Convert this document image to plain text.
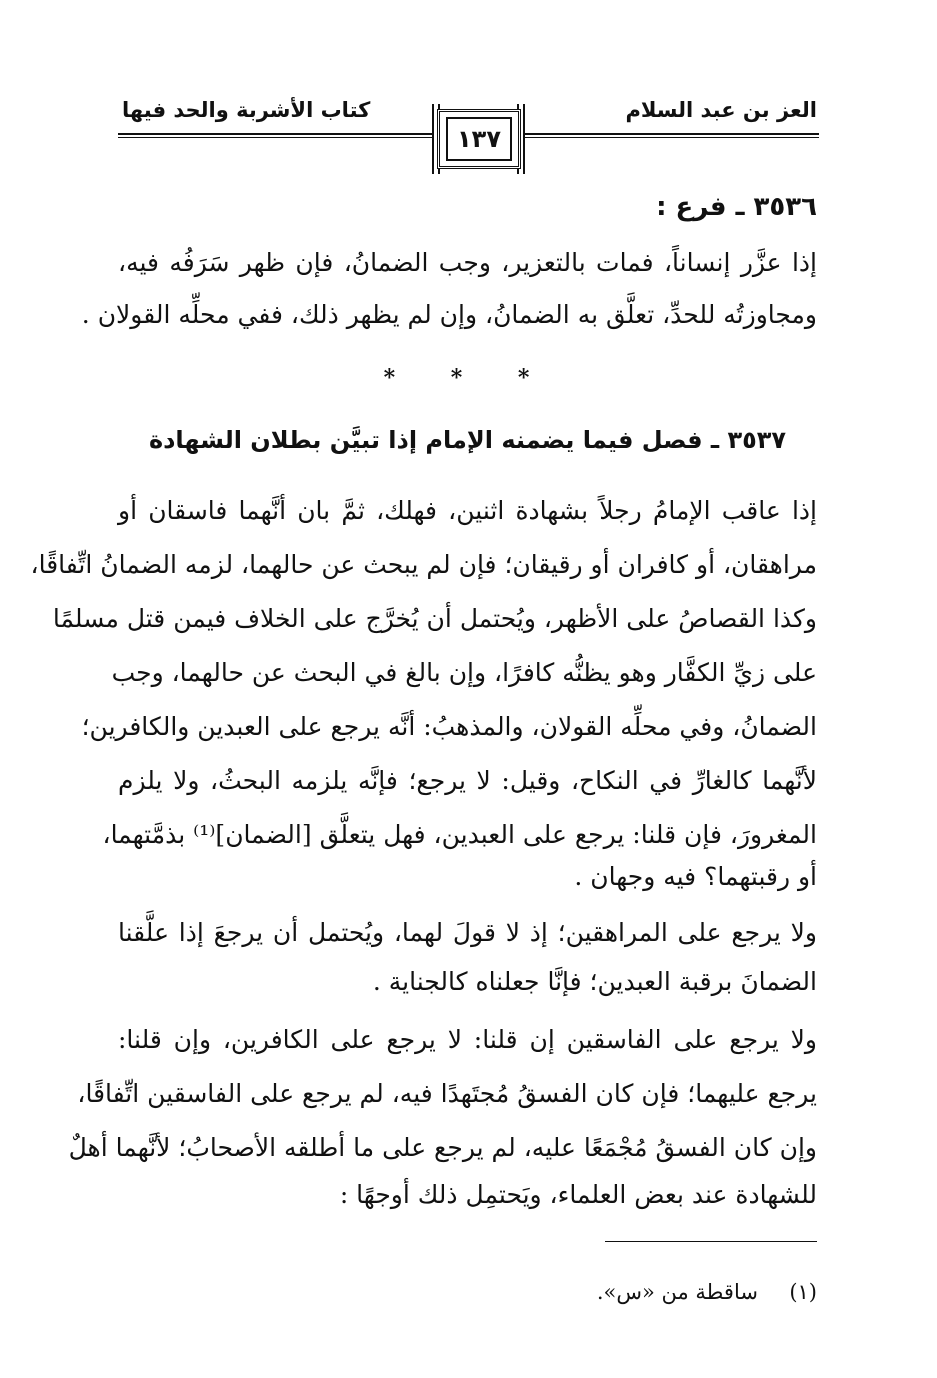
العز بن عبد السلام
كتاب الأشربة والحد فيها
١٣٧
٣٥٣٦ ـ فرع :
إذا عزَّر إنساناً، فمات بالتعزير، وجب الضمانُ، فإن ظهر سَرَفُه فيه،
ومجاوزتُه للحدِّ، تعلَّق به الضمانُ، وإن لم يظهر ذلك، ففي محلِّه القولان .
* * *
٣٥٣٧ ـ فصل فيما يضمنه الإمام إذا تبيَّن بطلان الشهادة
إذا عاقب الإمامُ رجلاً بشهادة اثنين، فهلك، ثمَّ بان أنَّهما فاسقان أو
مراهقان، أو كافران أو رقيقان؛ فإن لم يبحث عن حالهما، لزمه الضمانُ اتِّفاقًا،
وكذا القصاصُ على الأظهر، ويُحتمل أن يُخرَّج على الخلاف فيمن قتل مسلمًا
على زيِّ الكفَّار وهو يظنُّه كافرًا، وإن بالغ في البحث عن حالهما، وجب
الضمانُ، وفي محلِّه القولان، والمذهبُ: أنَّه يرجع على العبدين والكافرين؛
لأنَّهما كالغارِّ في النكاح، وقيل: لا يرجع؛ فإنَّه يلزمه البحثُ، ولا يلزم
المغرورَ، فإن قلنا: يرجع على العبدين، فهل يتعلَّق [الضمان]⁽¹⁾ بذمَّتهما،
أو رقبتهما؟ فيه وجهان .
ولا يرجع على المراهقين؛ إذ لا قولَ لهما، ويُحتمل أن يرجعَ إذا علَّقنا
الضمانَ برقبة العبدين؛ فإنَّا جعلناه كالجناية .
ولا يرجع على الفاسقين إن قلنا: لا يرجع على الكافرين، وإن قلنا:
يرجع عليهما؛ فإن كان الفسقُ مُجتَهدًا فيه، لم يرجع على الفاسقين اتِّفاقًا،
وإن كان الفسقُ مُجْمَعًا عليه، لم يرجع على ما أطلقه الأصحابُ؛ لأنَّهما أهلٌ
للشهادة عند بعض العلماء، ويَحتمِل ذلك أوجهًا :
(١)  ساقطة من «س».
